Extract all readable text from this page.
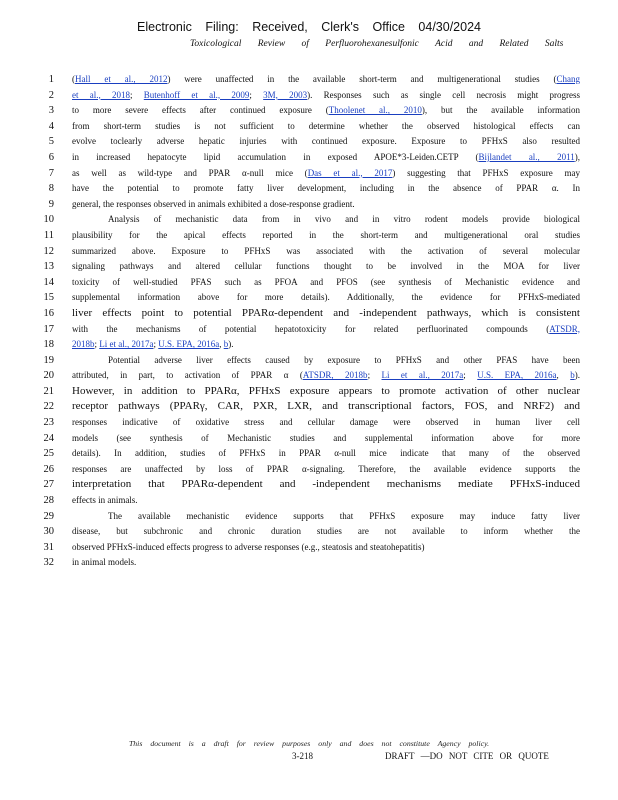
Electronic Filing: Received, Clerk's Office 04/30/2024
Toxicological Review of Perfluorohexanesulfonic Acid and Related Salts
1 (Hall et al., 2012) were unaffected in the available short-term and multigenerational studies (Chang
2 et al., 2018; Butenhoff et al., 2009; 3M, 2003). Responses such as single cell necrosis might progress
3 to more severe effects after continued exposure (Thoolenet al., 2010), but the available information
4 from short-term studies is not sufficient to determine whether the observed histological effects can
5 evolve toclearly adverse hepatic injuries with continued exposure. Exposure to PFHxS also resulted
6 in increased hepatocyte lipid accumulation in exposed APOE*3-Leiden.CETP (Bijlandet al., 2011),
7 as well as wild-type and PPAR α-null mice (Das et al., 2017) suggesting that PFHxS exposure may
8 have the potential to promote fatty liver development, including in the absence of PPAR α. In
9 general, the responses observed in animals exhibited a dose-response gradient.
10	Analysis of mechanistic data from in vivo and in vitro rodent models provide biological
11 plausibility for the apical effects reported in the short-term and multigenerational oral studies
12 summarized above. Exposure to PFHxS was associated with the activation of several molecular
13 signaling pathways and altered cellular functions thought to be involved in the MOA for liver
14 toxicity of well-studied PFAS such as PFOA and PFOS (see synthesis of Mechanistic evidence and
15 supplemental information above for more details). Additionally, the evidence for PFHxS-mediated
16 liver effects point to potential PPARα-dependent and -independent pathways, which is consistent
17 with the mechanisms of potential hepatotoxicity for related perfluorinated compounds (ATSDR,
18 2018b; Li et al., 2017a; U.S. EPA, 2016a, b).
19	Potential adverse liver effects caused by exposure to PFHxS and other PFAS have been
20 attributed, in part, to activation of PPAR α (ATSDR, 2018b; Li et al., 2017a; U.S. EPA, 2016a, b).
21 However, in addition to PPARα, PFHxS exposure appears to promote activation of other nuclear
22 receptor pathways (PPARγ, CAR, PXR, LXR, and transcriptional factors, FOS, and NRF2) and
23 responses indicative of oxidative stress and cellular damage were observed in human liver cell
24 models (see synthesis of Mechanistic studies and supplemental information above for more
25 details). In addition, studies of PFHxS in PPAR α-null mice indicate that many of the observed
26 responses are unaffected by loss of PPAR α-signaling. Therefore, the available evidence supports the
27 interpretation that PPARα-dependent and -independent mechanisms mediate PFHxS-induced
28 effects in animals.
29	The available mechanistic evidence supports that PFHxS exposure may induce fatty liver
30 disease, but subchronic and chronic duration studies are not available to inform whether the
31 observed PFHxS-induced effects progress to adverse responses (e.g., steatosis and steatohepatitis)
32 in animal models.
This document is a draft for review purposes only and does not constitute Agency policy.
3-218	DRAFT —DO NOT CITE OR QUOTE
